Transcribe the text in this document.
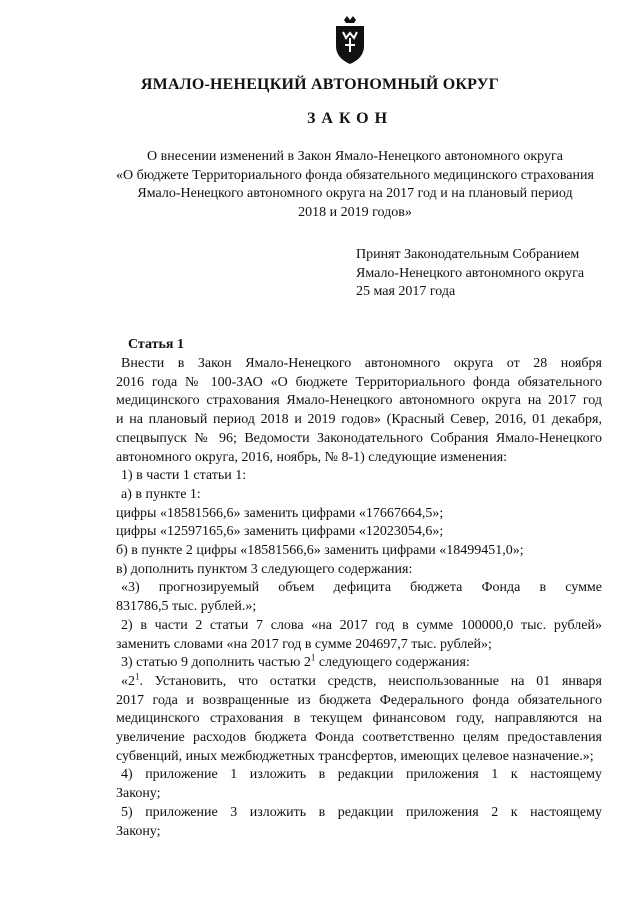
ЯМАЛО-НЕНЕЦКИЙ АВТОНОМНЫЙ ОКРУГ
ЗАКОН
О внесении изменений в Закон Ямало-Ненецкого автономного округа
«О бюджете Территориального фонда обязательного медицинского страхования
Ямало-Ненецкого автономного округа на 2017 год и на плановый период
2018 и 2019 годов»
Принят Законодательным Собранием
Ямало-Ненецкого автономного округа
25 мая 2017 года
Статья 1
Внести в Закон Ямало-Ненецкого автономного округа от 28 ноября
2016 года № 100-ЗАО «О бюджете Территориального фонда обязательного
медицинского страхования Ямало-Ненецкого автономного округа на 2017 год
и на плановый период 2018 и 2019 годов» (Красный Север, 2016, 01 декабря,
спецвыпуск № 96; Ведомости Законодательного Собрания Ямало-Ненецкого
автономного округа, 2016, ноябрь, № 8-1) следующие изменения:
1) в части 1 статьи 1:
а) в пункте 1:
цифры «18581566,6» заменить цифрами «17667664,5»;
цифры «12597165,6» заменить цифрами «12023054,6»;
б) в пункте 2 цифры «18581566,6» заменить цифрами «18499451,0»;
в) дополнить пунктом 3 следующего содержания:
«3) прогнозируемый объем дефицита бюджета Фонда в сумме
831786,5 тыс. рублей.»;
2) в части 2 статьи 7 слова «на 2017 год в сумме 100000,0 тыс. рублей»
заменить словами «на 2017 год в сумме 204697,7 тыс. рублей»;
3) статью 9 дополнить частью $2^1$ следующего содержания:
«$2^1$. Установить, что остатки средств, неиспользованные на 01 января
2017 года и возвращенные из бюджета Федерального фонда обязательного
медицинского страхования в текущем финансовом году, направляются на
увеличение расходов бюджета Фонда соответственно целям предоставления
субвенций, иных межбюджетных трансфертов, имеющих целевое назначение.»;
4) приложение 1 изложить в редакции приложения 1 к настоящему
Закону;
5) приложение 3 изложить в редакции приложения 2 к настоящему
Закону;
